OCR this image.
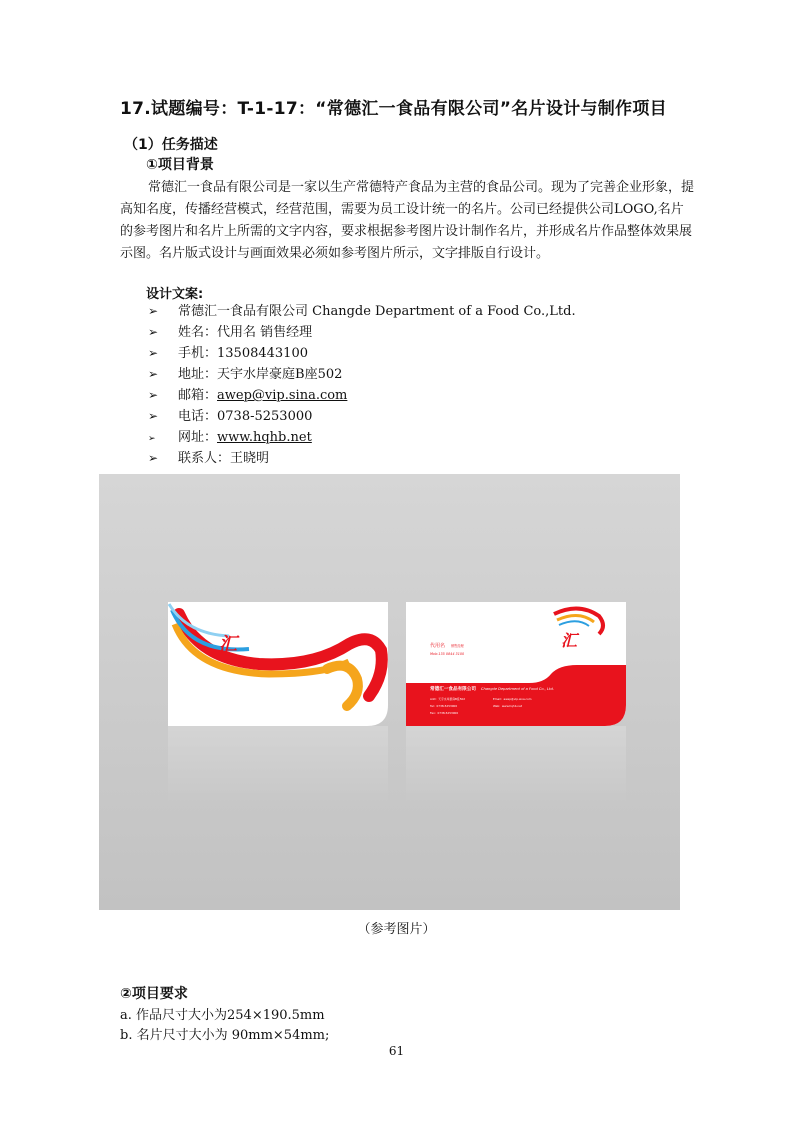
17.试题编号：T-1-17：“常德汇一食品有限公司”名片设计与制作项目
（1）任务描述
①项目背景
常德汇一食品有限公司是一家以生产常德特产食品为主营的食品公司。现为了完善企业形象，提高知名度，传播经营模式，经营范围，需要为员工设计统一的名片。公司已经提供公司LOGO,名片的参考图片和名片上所需的文字内容，要求根据参考图片设计制作名片，并形成名片作品整体效果展示图。名片版式设计与画面效果必须如参考图片所示，文字排版自行设计。
设计文案:
➢ 常德汇一食品有限公司 Changde Department of a Food Co.,Ltd.
➢ 姓名：代用名 销售经理
➢ 手机：13508443100
➢ 地址：天宇水岸豪庭B座502
➢ 邮箱：awep@vip.sina.com
➢ 电话：0738-5253000
➢ 网址：www.hqhb.net
➢ 联系人：王晓明
汇	汇
代用名 销售经理
Mob:135 0844 3100
常德汇一食品有限公司 Changde Department of a Food Co., Ltd.
Add：天宇水岸豪庭B座502	Email：awep@vip.sina.com
Tel：0738-5253000	Web：www.hqhb.net
Fax：0738-5253000
（参考图片）
②项目要求
a. 作品尺寸大小为254×190.5mm
b. 名片尺寸大小为 90mm×54mm;
61
